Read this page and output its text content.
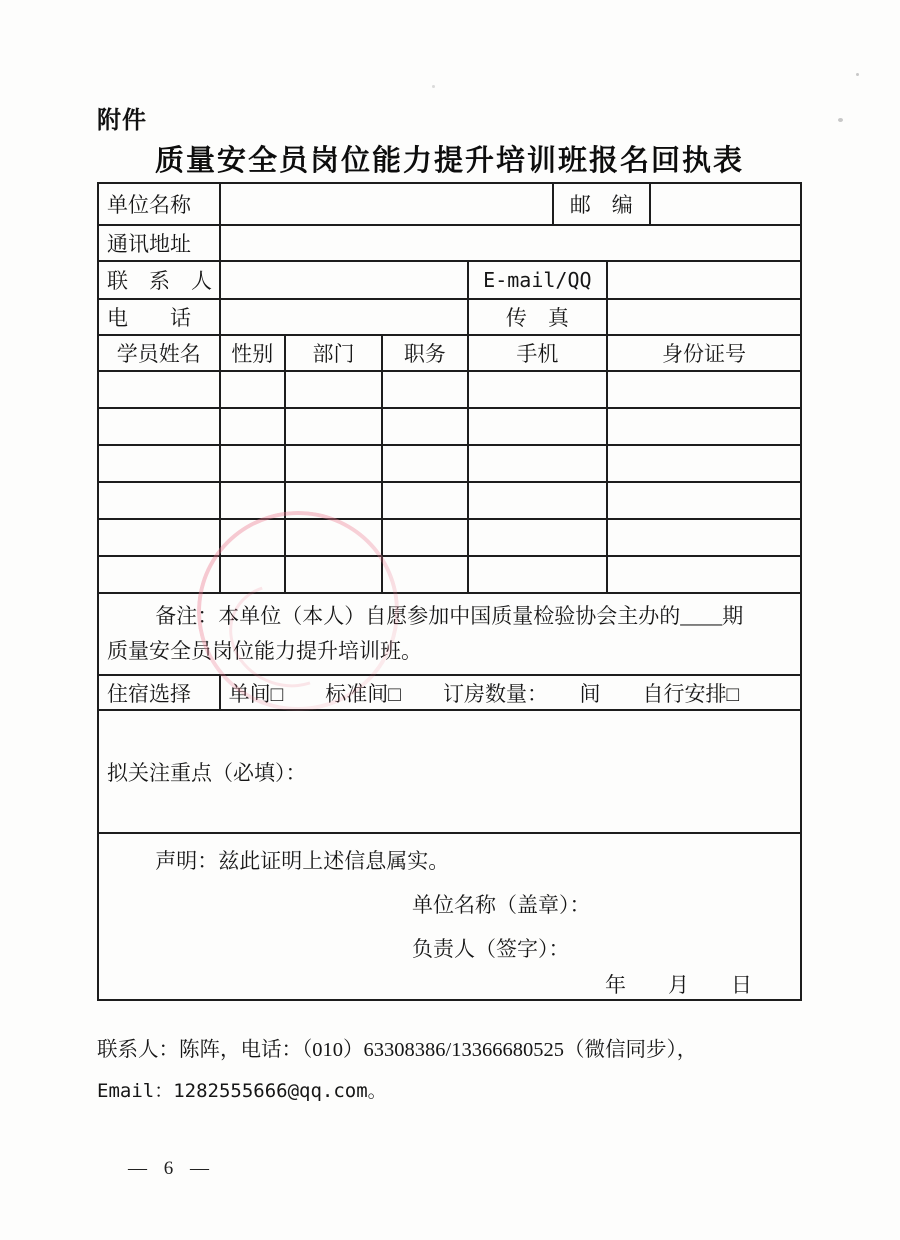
附件
质量安全员岗位能力提升培训班报名回执表
单位名称					邮　编		
通讯地址							
联　系　人				E-mail/QQ			
电　　话				传　真			
学员姓名	性别	部门	职务	手机		身份证号	

备注：本单位（本人）自愿参加中国质量检验协会主办的____期
质量安全员岗位能力提升培训班。							

住宿选择	单间□　　标准间□　　订房数量：　　间　　自行安排□						
拟关注重点（必填）：							

声明：兹此证明上述信息属实。
单位名称（盖章）：
负责人（签字）：
年　　月　　日							
联系人：陈阵，电话：（010）63308386/13366680525（微信同步），
Email：1282555666@qq.com。
— 6 —
